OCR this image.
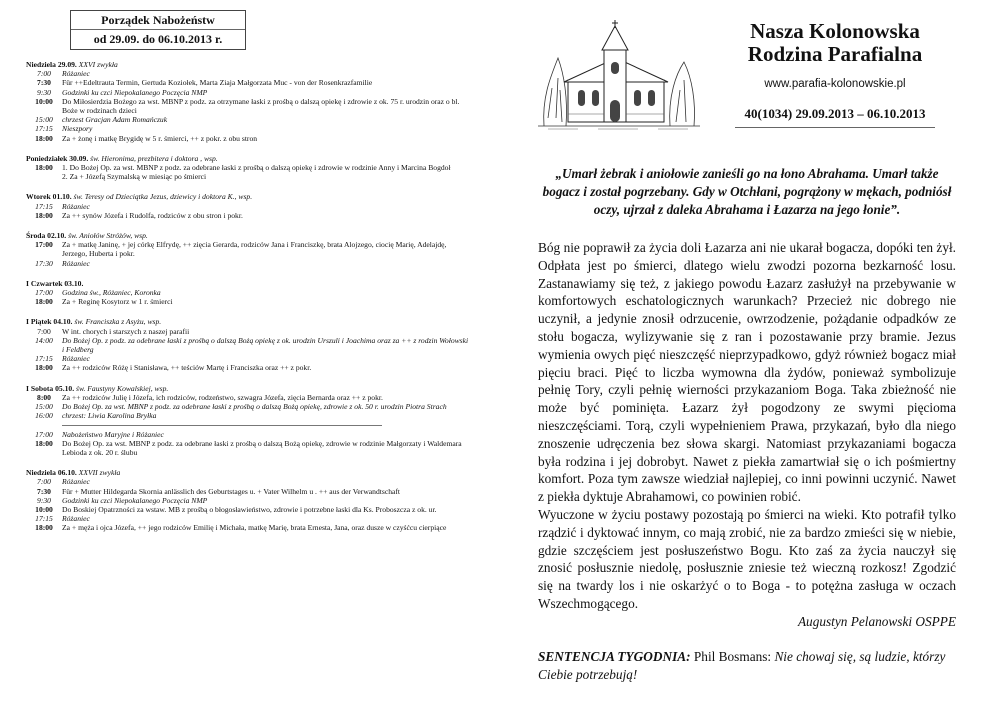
Porządek Nabożeństw
od 29.09. do 06.10.2013 r.
Niedziela 29.09. XXVI zwykła
7:00	Różaniec
7:30	Für ++Edeltrauta Termin, Gertuda Koziołek, Marta Ziaja Małgorzata Muc - von der Rosenkrazfamilie
9:30	Godzinki ku czci Niepokalanego Poczęcia NMP
10:00	Do Miłosierdzia Bożego za wst. MBNP z podz. za otrzymane łaski z prośbą o dalszą opiekę i zdrowie z ok. 75 r. urodzin oraz o bl. Boże w rodzinach dzieci
15:00	chrzest Gracjan Adam Romańczuk
17:15	Nieszpory
18:00	Za + żonę i matkę Brygidę w 5 r. śmierci, ++ z pokr. z obu stron
Poniedziałek 30.09. św. Hieronima, prezbitera i doktora , wsp.
18:00	1. Do Bożej Op. za wst. MBNP z podz. za odebrane łaski z prośbą o dalszą opiekę i zdrowie w rodzinie Anny i Marcina Bogdoł
2. Za + Józefą Szymalską w miesiąc po śmierci
Wtorek 01.10. św. Teresy od Dzieciątka Jezus, dziewicy i doktora K., wsp.
17:15	Różaniec
18:00	Za ++ synów Józefa i Rudolfa, rodziców z obu stron i pokr.
Środa 02.10. św. Aniołów Stróżów, wsp.
17:00	Za + matkę Janinę, + jej córkę Elfrydę, ++ zięcia Gerarda, rodziców Jana i Franciszkę, brata Alojzego, ciocię Marię, Adelajdę, Jerzego, Huberta i pokr.
17:30	Różaniec
I Czwartek 03.10.
17:00	Godzina św., Różaniec, Koronka
18:00	Za + Reginę Kosytorz w 1 r. śmierci
I Piątek 04.10. św. Franciszka z Asyżu, wsp.
7:00	W int. chorych i starszych z naszej parafii
14:00	Do Bożej Op. z podz. za odebrane łaski z prośbą o dalszą Bożą opiekę z ok. urodzin Urszuli i Joachima oraz za ++ z rodzin Wołowski i Feldberg
17:15	Różaniec
18:00	Za ++ rodziców Różę i Stanisława, ++ teściów Martę i Franciszka oraz ++ z pokr.
I Sobota 05.10. św. Faustyny Kowalskiej, wsp.
8:00	Za ++ rodziców Julię i Józefa, ich rodziców, rodzeństwo, szwagra Józefa, zięcia Bernarda oraz ++ z pokr.
15:00	Do Bożej Op. za wst. MBNP z podz. za odebrane łaski z prośbą o dalszą Bożą opiekę, zdrowie z ok. 50 r. urodzin Piotra Strach
16:00	chrzest: Liwia Karolina Bryłka
17:00	Nabożeństwo Maryjne i Różaniec
18:00	Do Bożej Op. za wst. MBNP z podz. za odebrane łaski z prośbą o dalszą Bożą opiekę, zdrowie w rodzinie Małgorzaty i Waldemara Lebioda z ok. 20 r. ślubu
Niedziela 06.10. XXVII zwykła
7:00	Różaniec
7:30	Für + Mutter Hildegarda Skornia anlässlich des Geburtstages u. + Vater Wilhelm u . ++ aus der Verwandtschaft
9:30	Godzinki ku czci Niepokalanego Poczęcia NMP
10:00	Do Boskiej Opatrzności za wstaw. MB z prośbą o błogosławieństwo, zdrowie i potrzebne łaski dla Ks. Proboszcza z ok. ur.
17:15	Różaniec
18:00	Za + męża i ojca Józefa, ++ jego rodziców Emilię i Michała, matkę Marię, brata Ernesta, Jana, oraz dusze w czyśćcu cierpiące
Nasza Kolonowska
Rodzina Parafialna
www.parafia-kolonowskie.pl
40(1034) 29.09.2013 – 06.10.2013
„Umarł żebrak i aniołowie zanieśli go na łono Abrahama. Umarł także bogacz i został pogrzebany. Gdy w Otchłani, pogrążony w mękach, podniósł oczy, ujrzał z daleka Abrahama i Łazarza na jego łonie”.

Bóg nie poprawił za życia doli Łazarza ani nie ukarał bogacza, dopóki ten żył. Odpłata jest po śmierci, dlatego wielu zwodzi pozorna bezkarność losu. Zastanawiamy się też, z jakiego powodu Łazarz zasłużył na przebywanie w komfortowych eschatologicznych warunkach? Przecież nic dobrego nie uczynił, a jedynie znosił odrzucenie, owrzodzenie, pożądanie odpadków ze stołu bogacza, wylizywanie się z ran i pozostawanie przy bramie. Jezus wymienia owych pięć nieszczęść nieprzypadkowo, gdyż również bogacz miał pięciu braci. Pięć to liczba wymowna dla żydów, ponieważ symbolizuje pełnię Tory, czyli pełnię wierności przykazaniom Boga. Taka zbieżność nie może być pominięta. Łazarz żył pogodzony ze swymi pięcioma nieszczęściami. Torą, czyli wypełnieniem Prawa, przykazań, było dla niego znoszenie udręczenia bez słowa skargi. Natomiast przykazaniami bogacza była rodzina i jej dobrobyt. Nawet z piekła zamartwiał się o ich pośmiertny komfort. Poza tym zawsze wiedział najlepiej, co inni powinni uczynić. Nawet z piekła dyktuje Abrahamowi, co powinien robić.

Wyuczone w życiu postawy pozostają po śmierci na wieki. Kto potrafił tylko rządzić i dyktować innym, co mają zrobić, nie za bardzo zmieści się w niebie, gdzie szczęściem jest posłuszeństwo Bogu. Kto zaś za życia nauczył się znosić posłusznie niedolę, posłusznie zniesie też wieczną rozkosz! Zgodzić się na twardy los i nie oskarżyć o to Boga - to potężna zasługa w oczach Wszechmogącego.

Augustyn Pelanowski OSPPE
SENTENCJA TYGODNIA: Phil Bosmans: Nie chowaj się, są ludzie, którzy Ciebie potrzebują!
